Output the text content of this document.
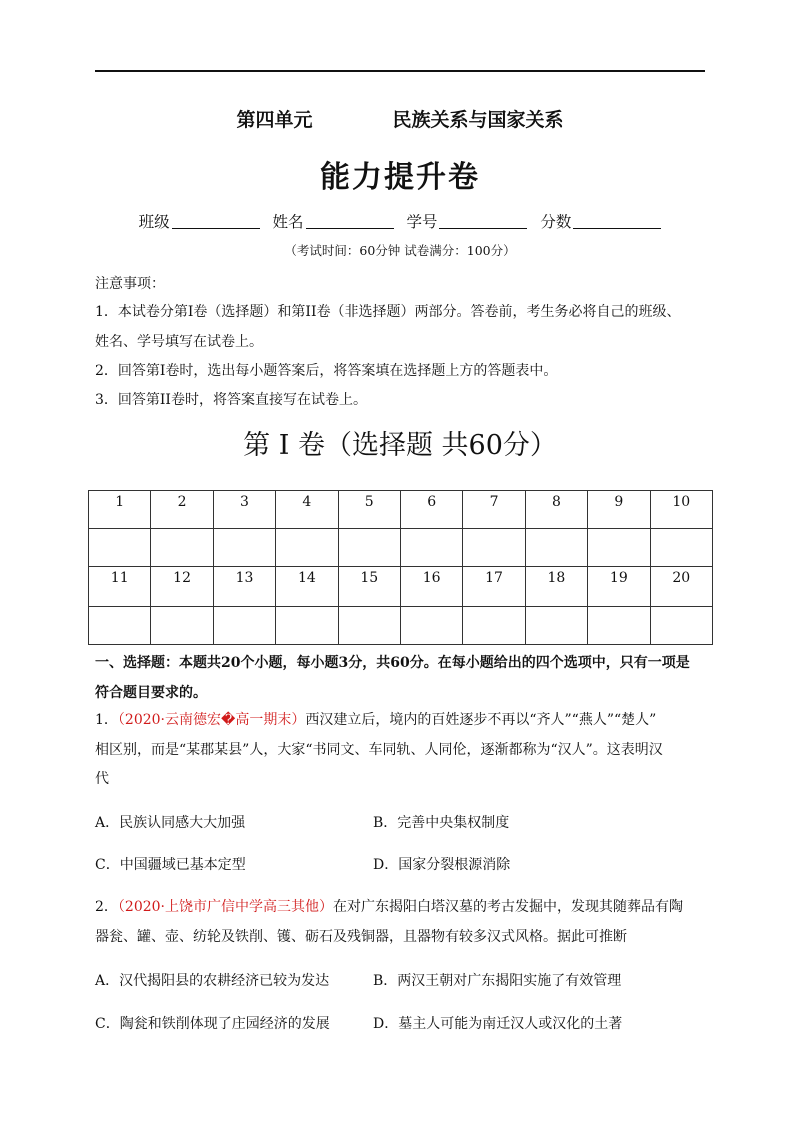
第四单元	民族关系与国家关系
能力提升卷
班级	姓名	学号	分数
（考试时间：60分钟 试卷满分：100分）
注意事项：
1．本试卷分第I卷（选择题）和第II卷（非选择题）两部分。答卷前，考生务必将自己的班级、
姓名、学号填写在试卷上。
2．回答第I卷时，选出每小题答案后，将答案填在选择题上方的答题表中。
3．回答第II卷时，将答案直接写在试卷上。
第 I 卷（选择题 共60分）
1	2	3	4	5	6	7	8	9	10

11	12	13	14	15	16	17	18	19	20

一、选择题：本题共20个小题，每小题3分，共60分。在每小题给出的四个选项中，只有一项是
符合题目要求的。
1．（2020·云南德宏�高一期末）西汉建立后，境内的百姓逐步不再以“齐人”“燕人”“楚人”
相区别，而是“某郡某县”人，大家“书同文、车同轨、人同伦，逐渐都称为“汉人”。这表明汉
代
A．民族认同感大大加强	B．完善中央集权制度
C．中国疆域已基本定型	D．国家分裂根源消除
2．（2020·上饶市广信中学高三其他）在对广东揭阳白塔汉墓的考古发掘中，发现其随葬品有陶
器瓮、罐、壶、纺轮及铁削、镬、砺石及残铜器，且器物有较多汉式风格。据此可推断
A．汉代揭阳县的农耕经济已较为发达	B．两汉王朝对广东揭阳实施了有效管理
C．陶瓮和铁削体现了庄园经济的发展	D．墓主人可能为南迁汉人或汉化的土著
